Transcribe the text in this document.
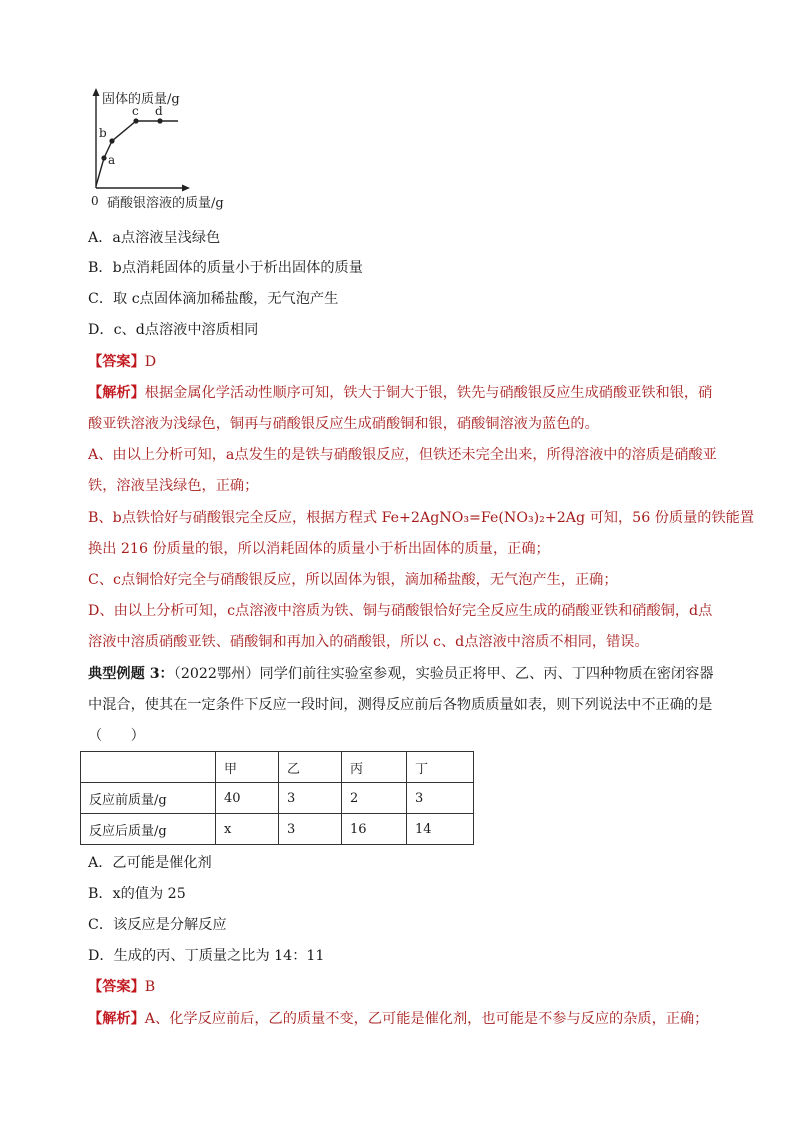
a
b
c d
固体的质量/g
0 硝酸银溶液的质量/g
A．a点溶液呈浅绿色
B．b点消耗固体的质量小于析出固体的质量
C．取 c点固体滴加稀盐酸，无气泡产生
D．c、d点溶液中溶质相同
【答案】D
【解析】根据金属化学活动性顺序可知，铁大于铜大于银，铁先与硝酸银反应生成硝酸亚铁和银，硝
酸亚铁溶液为浅绿色，铜再与硝酸银反应生成硝酸铜和银，硝酸铜溶液为蓝色的。
A、由以上分析可知，a点发生的是铁与硝酸银反应，但铁还未完全出来，所得溶液中的溶质是硝酸亚
铁，溶液呈浅绿色，正确；
B、b点铁恰好与硝酸银完全反应，根据方程式 Fe+2AgNO₃=Fe(NO₃)₂+2Ag 可知，56 份质量的铁能置
换出 216 份质量的银，所以消耗固体的质量小于析出固体的质量，正确；
C、c点铜恰好完全与硝酸银反应，所以固体为银，滴加稀盐酸，无气泡产生，正确；
D、由以上分析可知，c点溶液中溶质为铁、铜与硝酸银恰好完全反应生成的硝酸亚铁和硝酸铜，d点
溶液中溶质硝酸亚铁、硝酸铜和再加入的硝酸银，所以 c、d点溶液中溶质不相同，错误。
典型例题 3：（2022鄂州）同学们前往实验室参观，实验员正将甲、乙、丙、丁四种物质在密闭容器
中混合，使其在一定条件下反应一段时间，测得反应前后各物质质量如表，则下列说法中不正确的是
（　　）
	甲	乙	丙	丁
反应前质量/g	40	3	2	3
反应后质量/g	x	3	16	14
A．乙可能是催化剂
B．x的值为 25
C．该反应是分解反应
D．生成的丙、丁质量之比为 14：11
【答案】B
【解析】A、化学反应前后，乙的质量不变，乙可能是催化剂，也可能是不参与反应的杂质，正确；
